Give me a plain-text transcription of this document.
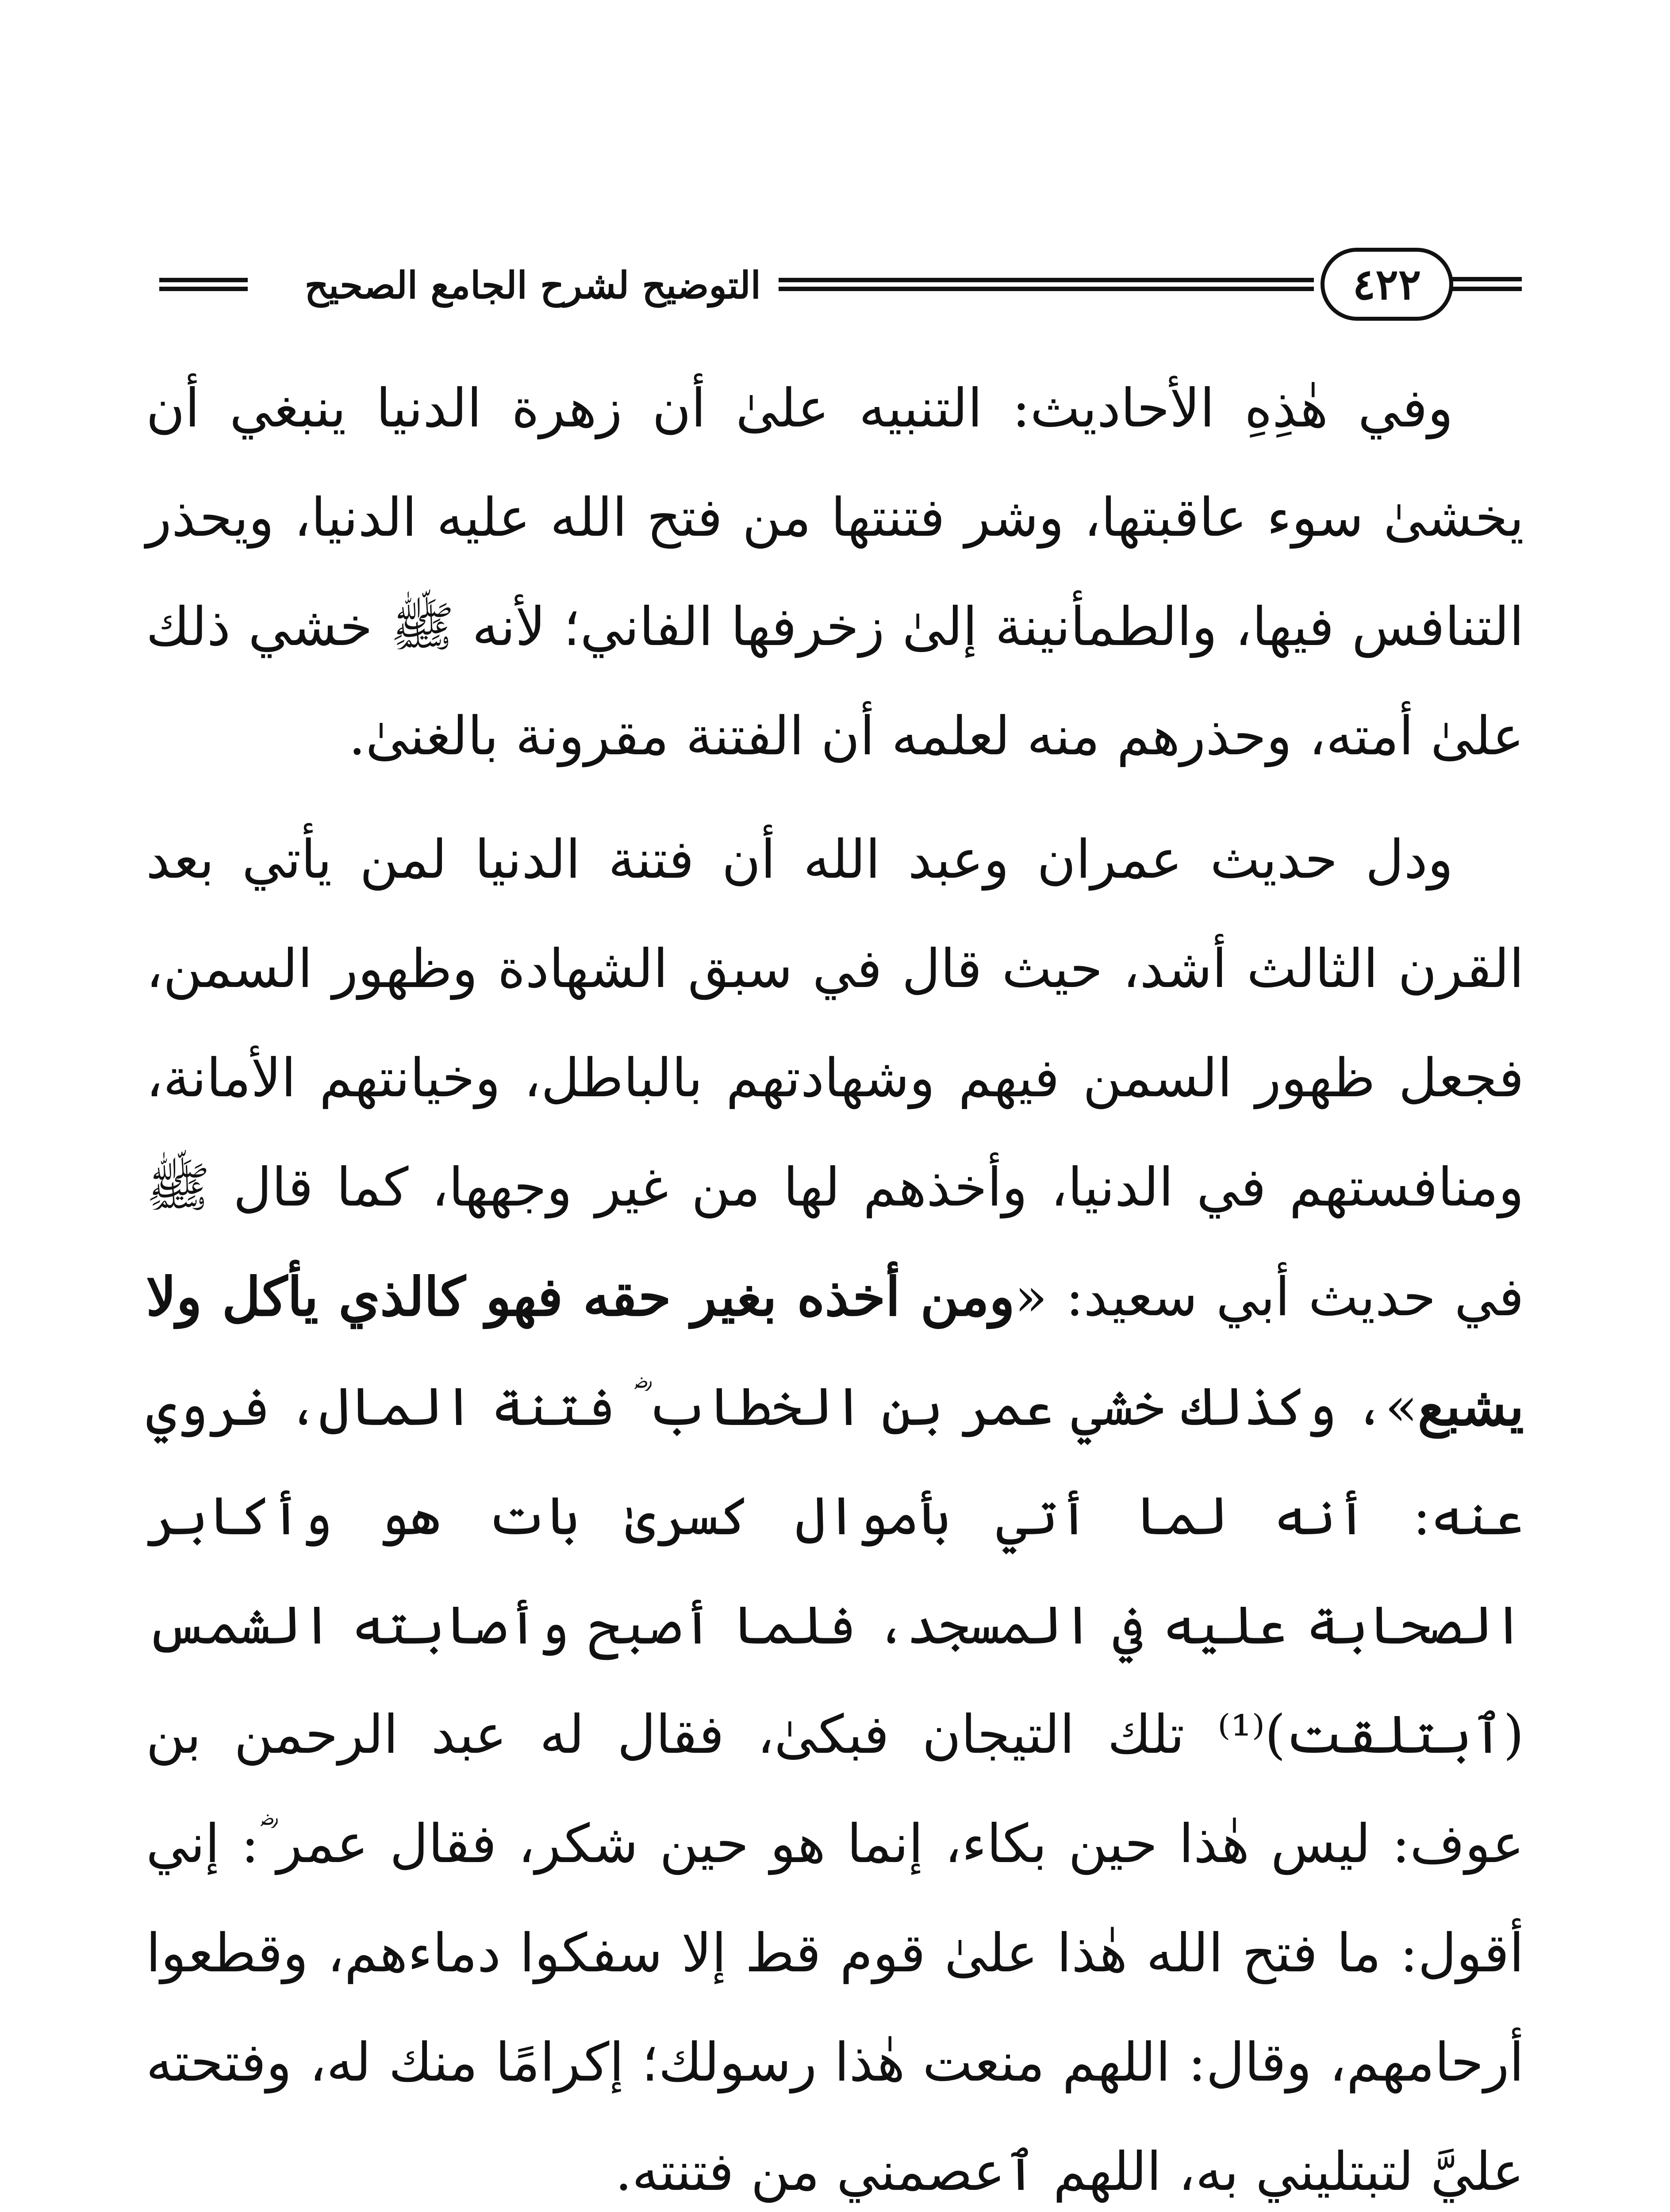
٤٢٢
التوضيح لشرح الجامع الصحيح

وفي هٰذِهِ الأحاديث: التنبيه علىٰ أن زهرة الدنيا ينبغي أن يخشىٰ سوء عاقبتها، وشر فتنتها من فتح الله عليه الدنيا، ويحذر التنافس فيها، والطمأنينة إلىٰ زخرفها الفاني؛ لأنه ﷺ خشي ذلك علىٰ أمته، وحذرهم منه لعلمه أن الفتنة مقرونة بالغنىٰ.

ودل حديث عمران وعبد الله أن فتنة الدنيا لمن يأتي بعد القرن الثالث أشد، حيث قال في سبق الشهادة وظهور السمن، فجعل ظهور السمن فيهم وشهادتهم بالباطل، وخيانتهم الأمانة، ومنافستهم في الدنيا، وأخذهم لها من غير وجهها، كما قال ﷺ في حديث أبي سعيد: «ومن أخذه بغير حقه فهو كالذي يأكل ولا يشبع»، وكذلك خشي عمر بن الخطاب ؓ فتنة المال، فروي عنه: أنه لما أتي بأموال كسرىٰ بات هو وأكابر الصحابة عليه في المسجد، فلما أصبح وأصابته الشمس (ٱبتلقت)⁽¹⁾ تلك التيجان فبكىٰ، فقال له عبد الرحمن بن عوف: ليس هٰذا حين بكاء، إنما هو حين شكر، فقال عمر ؓ: إني أقول: ما فتح الله هٰذا علىٰ قوم قط إلا سفكوا دماءهم، وقطعوا أرحامهم، وقال: اللهم منعت هٰذا رسولك؛ إكرامًا منك له، وفتحته عليَّ لتبتليني به، اللهم ٱعصمني من فتنته.
